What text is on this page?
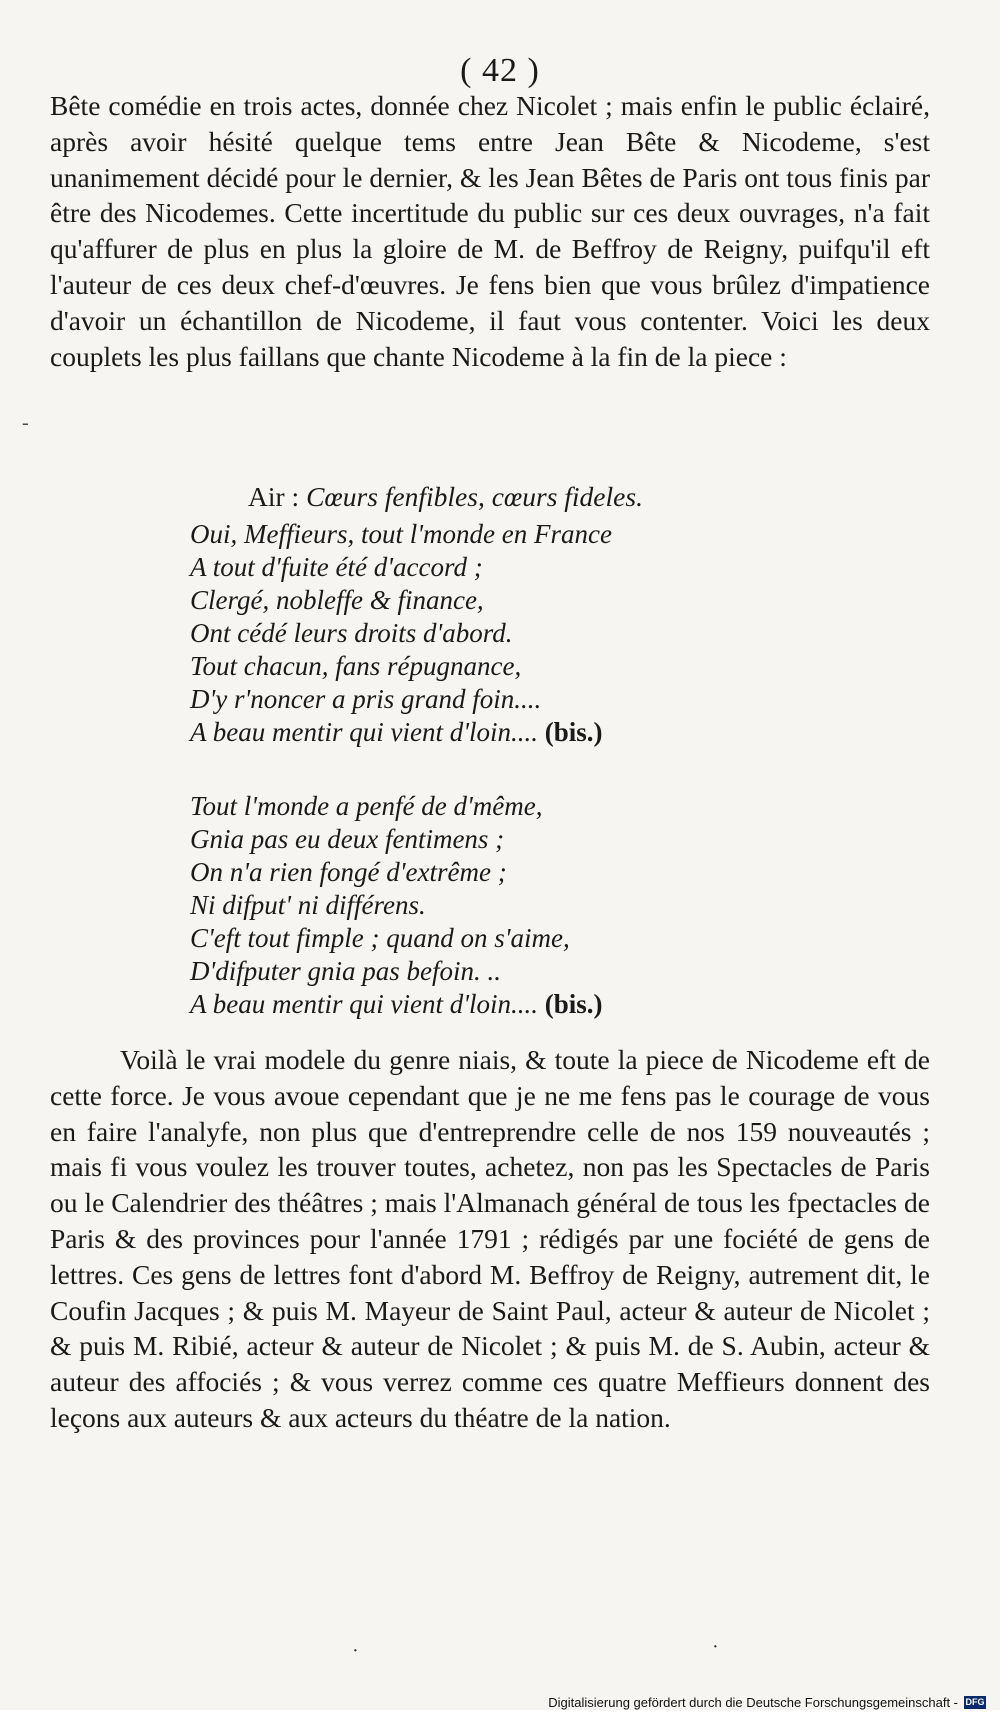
( 42 )

Bête comédie en trois actes, donnée chez Nicolet ; mais enfin le public éclairé, après avoir hésité quelque tems entre Jean Bête & Nicodeme, s'est unanimement décidé pour le dernier, & les Jean Bêtes de Paris ont tous finis par être des Nicodemes. Cette incertitude du public sur ces deux ouvrages, n'a fait qu'affurer de plus en plus la gloire de M. de Beffroy de Reigny, puifqu'il eft l'auteur de ces deux chef-d'œuvres. Je fens bien que vous brûlez d'impatience d'avoir un échantillon de Nicodeme, il faut vous contenter. Voici les deux couplets les plus faillans que chante Nicodeme à la fin de la piece :

Air : Cœurs fenfibles, cœurs fideles.
Oui, Meffieurs, tout l'monde en France
A tout d'fuite été d'accord ;
Clergé, nobleffe & finance,
Ont cédé leurs droits d'abord.
Tout chacun, fans répugnance,
D'y r'noncer a pris grand foin....
A beau mentir qui vient d'loin.... (bis.)
Tout l'monde a penfé de d'même,
Gnia pas eu deux fentimens ;
On n'a rien fongé d'extrême ;
Ni difput' ni différens.
C'eft tout fimple ; quand on s'aime,
D'difputer gnia pas befoin. ..
A beau mentir qui vient d'loin.... (bis.)

Voilà le vrai modele du genre niais, & toute la piece de Nicodeme eft de cette force. Je vous avoue cependant que je ne me fens pas le courage de vous en faire l'analyfe, non plus que d'entreprendre celle de nos 159 nouveautés ; mais fi vous voulez les trouver toutes, achetez, non pas les Spectacles de Paris ou le Calendrier des théâtres ; mais l'Almanach général de tous les fpectacles de Paris & des provinces pour l'année 1791 ; rédigés par une fociété de gens de lettres. Ces gens de lettres font d'abord M. Beffroy de Reigny, autrement dit, le Coufin Jacques ; & puis M. Mayeur de Saint Paul, acteur & auteur de Nicolet ; & puis M. Ribié, acteur & auteur de Nicolet ; & puis M. de S. Aubin, acteur & auteur des affociés ; & vous verrez comme ces quatre Meffieurs donnent des leçons aux auteurs & aux acteurs du théatre de la nation.

-
·	·
Digitalisierung gefördert durch die Deutsche Forschungsgemeinschaft - DFG
